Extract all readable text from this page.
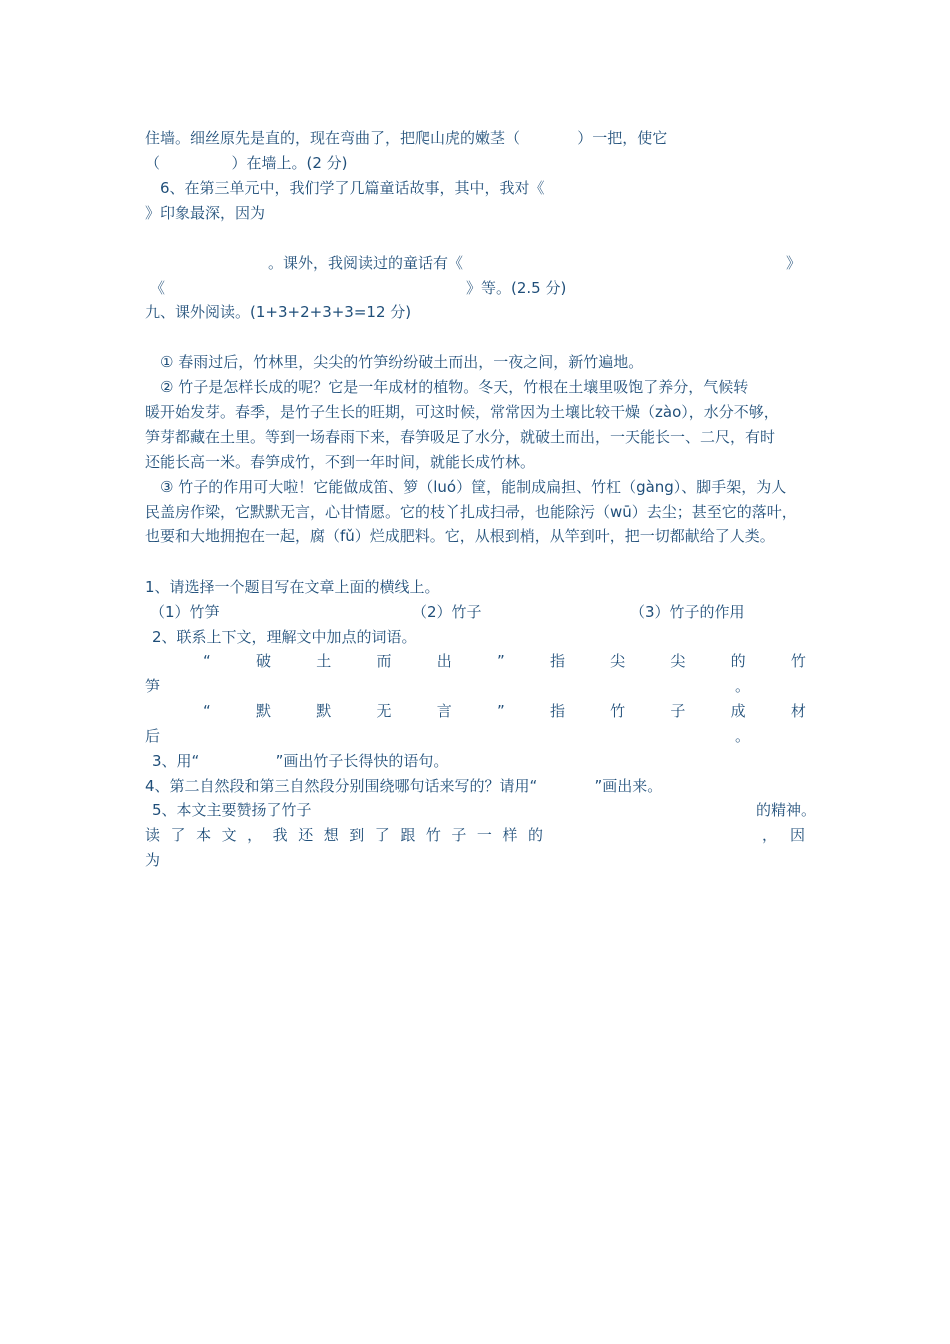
住墙。细丝原先是直的，现在弯曲了，把爬山虎的嫩茎（            ）一把，使它
（               ）在墙上。(2 分)
6、在第三单元中，我们学了几篇童话故事，其中，我对《
》印象最深，因为
。课外，我阅读过的童话有《	》
《	》等。(2.5 分)
九、课外阅读。(1+3+2+3+3=12 分)
① 春雨过后，竹林里，尖尖的竹笋纷纷破土而出，一夜之间，新竹遍地。
② 竹子是怎样长成的呢？它是一年成材的植物。冬天，竹根在土壤里吸饱了养分，气候转
暖开始发芽。春季，是竹子生长的旺期，可这时候，常常因为土壤比较干燥（zào），水分不够，
笋芽都藏在土里。等到一场春雨下来，春笋吸足了水分，就破土而出，一天能长一、二尺，有时
还能长高一米。春笋成竹，不到一年时间，就能长成竹林。
③ 竹子的作用可大啦！它能做成笛、箩（luó）筐，能制成扁担、竹杠（gàng）、脚手架，为人
民盖房作梁，它默默无言，心甘情愿。它的枝丫扎成扫帚，也能除污（wū）去尘；甚至它的落叶，
也要和大地拥抱在一起，腐（fǔ）烂成肥料。它，从根到梢，从竿到叶，把一切都献给了人类。
1、请选择一个题目写在文章上面的横线上。
（1）竹笋	（2）竹子	（3）竹子的作用
2、联系上下文，理解文中加点的词语。
“	破	土	而	出	”	指	尖	尖	的	竹
笋	。
“	默	默	无	言	”	指	竹	子	成	材
后	。
3、用“                ”画出竹子长得快的语句。
4、第二自然段和第三自然段分别围绕哪句话来写的？请用“            ”画出来。
5、本文主要赞扬了竹子	的精神。
读 了 本 文 ， 我 还 想 到 了 跟 竹 子 一 样 的	， 因
为
